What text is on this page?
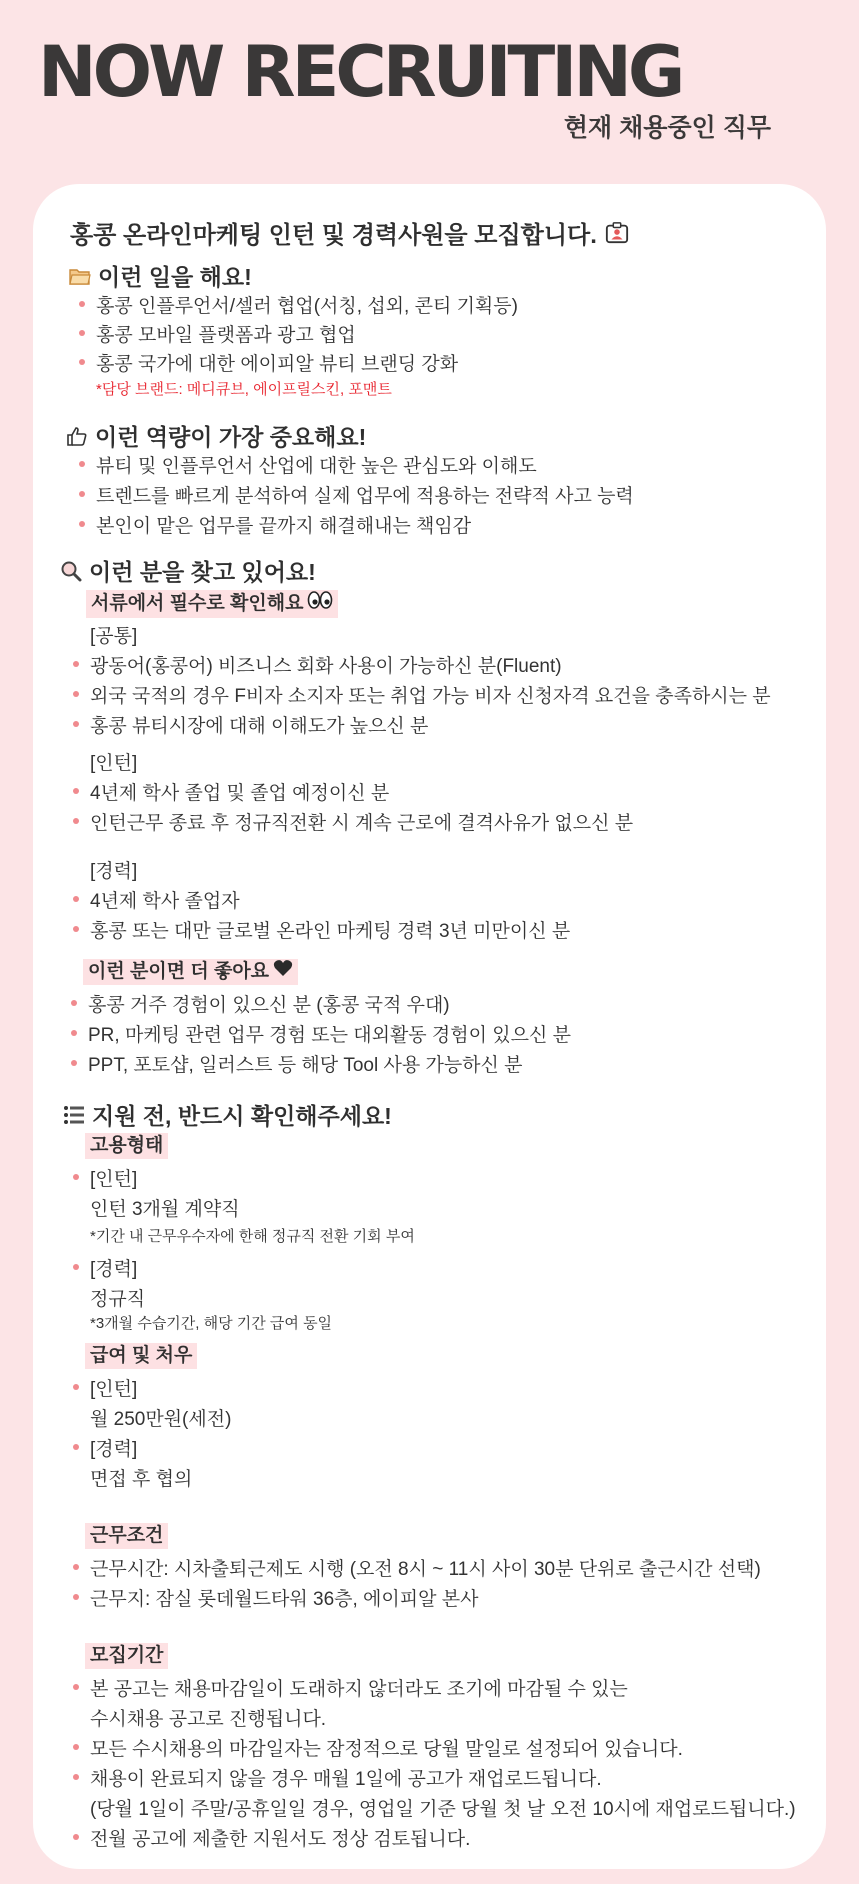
NOW RECRUITING
현재 채용중인 직무
홍콩 온라인마케팅 인턴 및 경력사원을 모집합니다.
이런 일을 해요!
홍콩 인플루언서/셀러 협업(서칭, 섭외, 콘티 기획등)
홍콩 모바일 플랫폼과 광고 협업
홍콩 국가에 대한 에이피알 뷰티 브랜딩 강화
*담당 브랜드: 메디큐브, 에이프릴스킨, 포맨트
이런 역량이 가장 중요해요!
뷰티 및 인플루언서 산업에 대한 높은 관심도와 이해도
트렌드를 빠르게 분석하여 실제 업무에 적용하는 전략적 사고 능력
본인이 맡은 업무를 끝까지 해결해내는 책임감
이런 분을 찾고 있어요!
서류에서 필수로 확인해요
[공통]
광동어(홍콩어) 비즈니스 회화 사용이 가능하신 분(Fluent)
외국 국적의 경우 F비자 소지자 또는 취업 가능 비자 신청자격 요건을 충족하시는 분
홍콩 뷰티시장에 대해 이해도가 높으신 분
[인턴]
4년제 학사 졸업 및 졸업 예정이신 분
인턴근무 종료 후 정규직전환 시 계속 근로에 결격사유가 없으신 분
[경력]
4년제 학사 졸업자
홍콩 또는 대만 글로벌 온라인 마케팅 경력 3년 미만이신 분
이런 분이면 더 좋아요
홍콩 거주 경험이 있으신 분 (홍콩 국적 우대)
PR, 마케팅 관련 업무 경험 또는 대외활동 경험이 있으신 분
PPT, 포토샵, 일러스트 등 해당 Tool 사용 가능하신 분
지원 전, 반드시 확인해주세요!
고용형태
[인턴]
인턴 3개월 계약직
*기간 내 근무우수자에 한해 정규직 전환 기회 부여
[경력]
정규직
*3개월 수습기간, 해당 기간 급여 동일
급여 및 처우
[인턴]
월 250만원(세전)
[경력]
면접 후 협의
근무조건
근무시간: 시차출퇴근제도 시행 (오전 8시 ~ 11시 사이 30분 단위로 출근시간 선택)
근무지: 잠실 롯데월드타워 36층, 에이피알 본사
모집기간
본 공고는 채용마감일이 도래하지 않더라도 조기에 마감될 수 있는
수시채용 공고로 진행됩니다.
모든 수시채용의 마감일자는 잠정적으로 당월 말일로 설정되어 있습니다.
채용이 완료되지 않을 경우 매월 1일에 공고가 재업로드됩니다.
(당월 1일이 주말/공휴일일 경우, 영업일 기준 당월 첫 날 오전 10시에 재업로드됩니다.)
전월 공고에 제출한 지원서도 정상 검토됩니다.
